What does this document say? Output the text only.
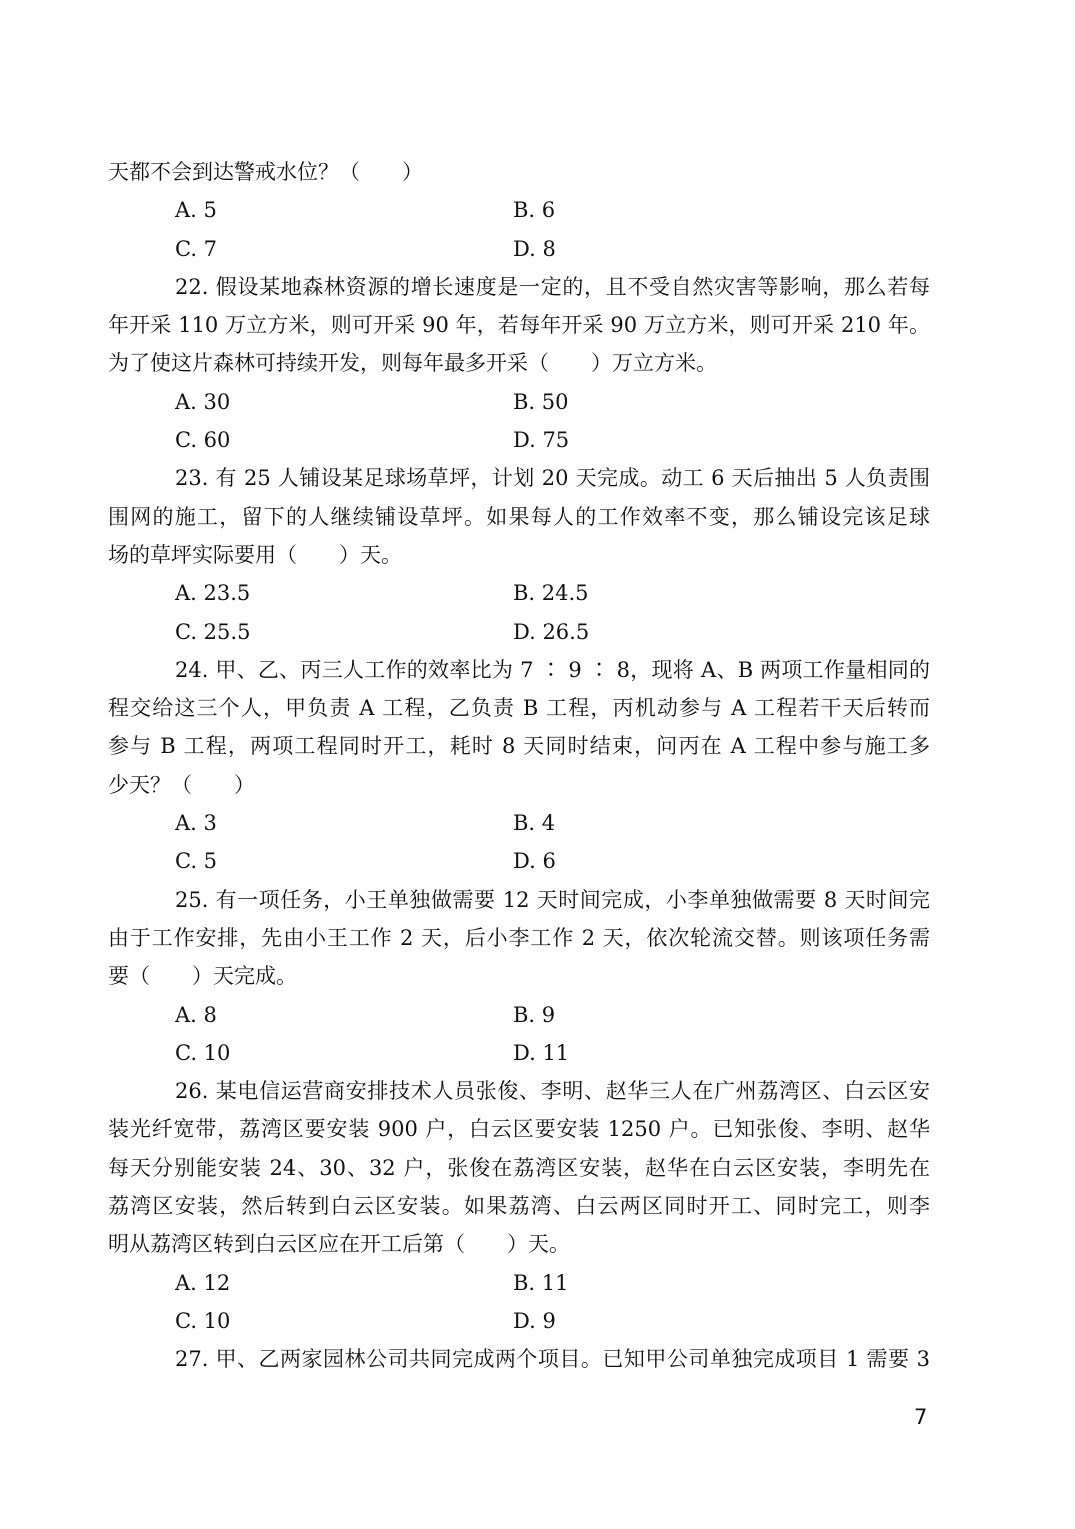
天都不会到达警戒水位？（　　）
A. 5	B. 6
C. 7	D. 8
22. 假设某地森林资源的增长速度是一定的，且不受自然灾害等影响，那么若每
年开采 110 万立方米，则可开采 90 年，若每年开采 90 万立方米，则可开采 210 年。
为了使这片森林可持续开发，则每年最多开采（　　）万立方米。
A. 30	B. 50
C. 60	D. 75
23. 有 25 人铺设某足球场草坪，计划 20 天完成。动工 6 天后抽出 5 人负责围
围网的施工，留下的人继续铺设草坪。如果每人的工作效率不变，那么铺设完该足球
场的草坪实际要用（　　）天。
A. 23.5	B. 24.5
C. 25.5	D. 26.5
24. 甲、乙、丙三人工作的效率比为 7 ∶ 9 ∶ 8，现将 A、B 两项工作量相同的
程交给这三个人，甲负责 A 工程，乙负责 B 工程，丙机动参与 A 工程若干天后转而
参与 B 工程，两项工程同时开工，耗时 8 天同时结束，问丙在 A 工程中参与施工多
少天？（　　）
A. 3	B. 4
C. 5	D. 6
25. 有一项任务，小王单独做需要 12 天时间完成，小李单独做需要 8 天时间完
由于工作安排，先由小王工作 2 天，后小李工作 2 天，依次轮流交替。则该项任务需
要（　　）天完成。
A. 8	B. 9
C. 10	D. 11
26. 某电信运营商安排技术人员张俊、李明、赵华三人在广州荔湾区、白云区安
装光纤宽带，荔湾区要安装 900 户，白云区要安装 1250 户。已知张俊、李明、赵华
每天分别能安装 24、30、32 户，张俊在荔湾区安装，赵华在白云区安装，李明先在
荔湾区安装，然后转到白云区安装。如果荔湾、白云两区同时开工、同时完工，则李
明从荔湾区转到白云区应在开工后第（　　）天。
A. 12	B. 11
C. 10	D. 9
27. 甲、乙两家园林公司共同完成两个项目。已知甲公司单独完成项目 1 需要 3
7
